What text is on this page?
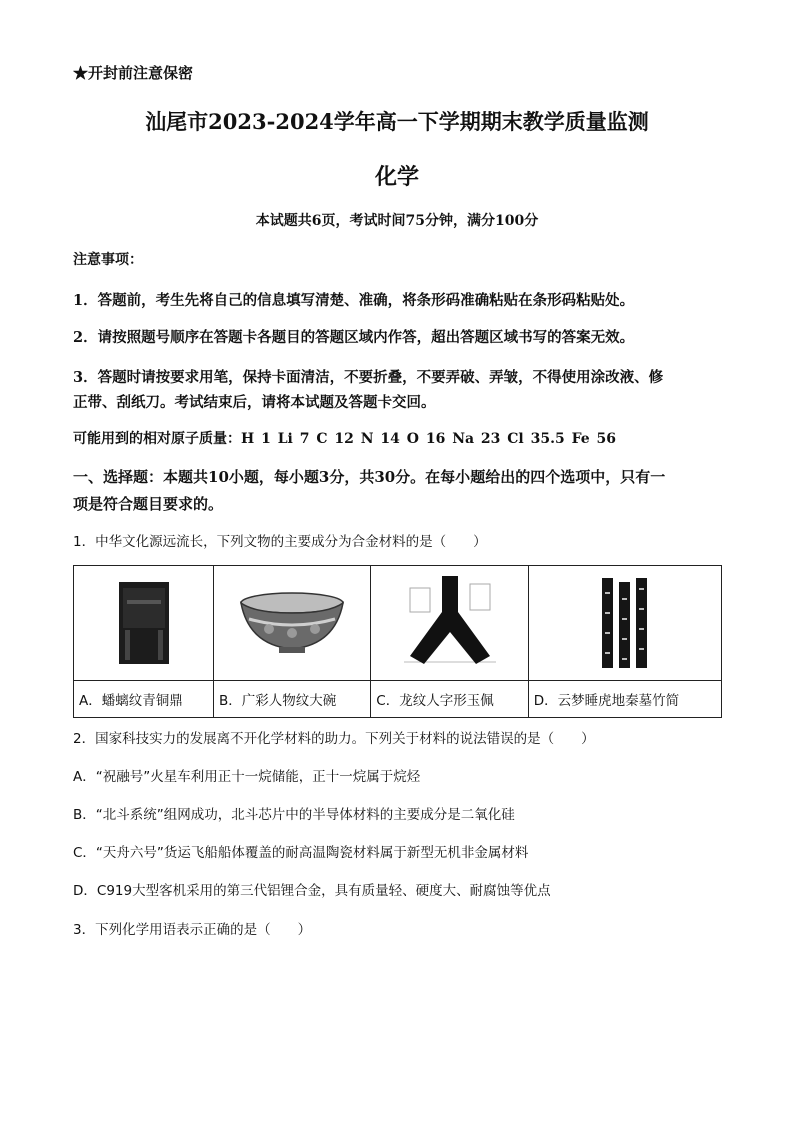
★开封前注意保密
汕尾市2023-2024学年高一下学期期末教学质量监测
化学
本试题共6页，考试时间75分钟，满分100分
注意事项：
1．答题前，考生先将自己的信息填写清楚、准确，将条形码准确粘贴在条形码粘贴处。
2．请按照题号顺序在答题卡各题目的答题区域内作答，超出答题区域书写的答案无效。
3．答题时请按要求用笔，保持卡面清洁，不要折叠，不要弄破、弄皱，不得使用涂改液、修
正带、刮纸刀。考试结束后，请将本试题及答题卡交回。
可能用到的相对原子质量：H 1 Li 7 C 12 N 14 O 16 Na 23 Cl 35.5 Fe 56
一、选择题：本题共10小题，每小题3分，共30分。在每小题给出的四个选项中，只有一
项是符合题目要求的。
1．中华文化源远流长，下列文物的主要成分为合金材料的是（　　）

A．蟠螭纹青铜鼎	B．广彩人物纹大碗	C．龙纹人字形玉佩	D．云梦睡虎地秦墓竹简
2．国家科技实力的发展离不开化学材料的助力。下列关于材料的说法错误的是（　　）
A．“祝融号”火星车利用正十一烷储能，正十一烷属于烷烃
B．“北斗系统”组网成功，北斗芯片中的半导体材料的主要成分是二氧化硅
C．“天舟六号”货运飞船船体覆盖的耐高温陶瓷材料属于新型无机非金属材料
D．C919大型客机采用的第三代铝锂合金，具有质量轻、硬度大、耐腐蚀等优点
3．下列化学用语表示正确的是（　　）
